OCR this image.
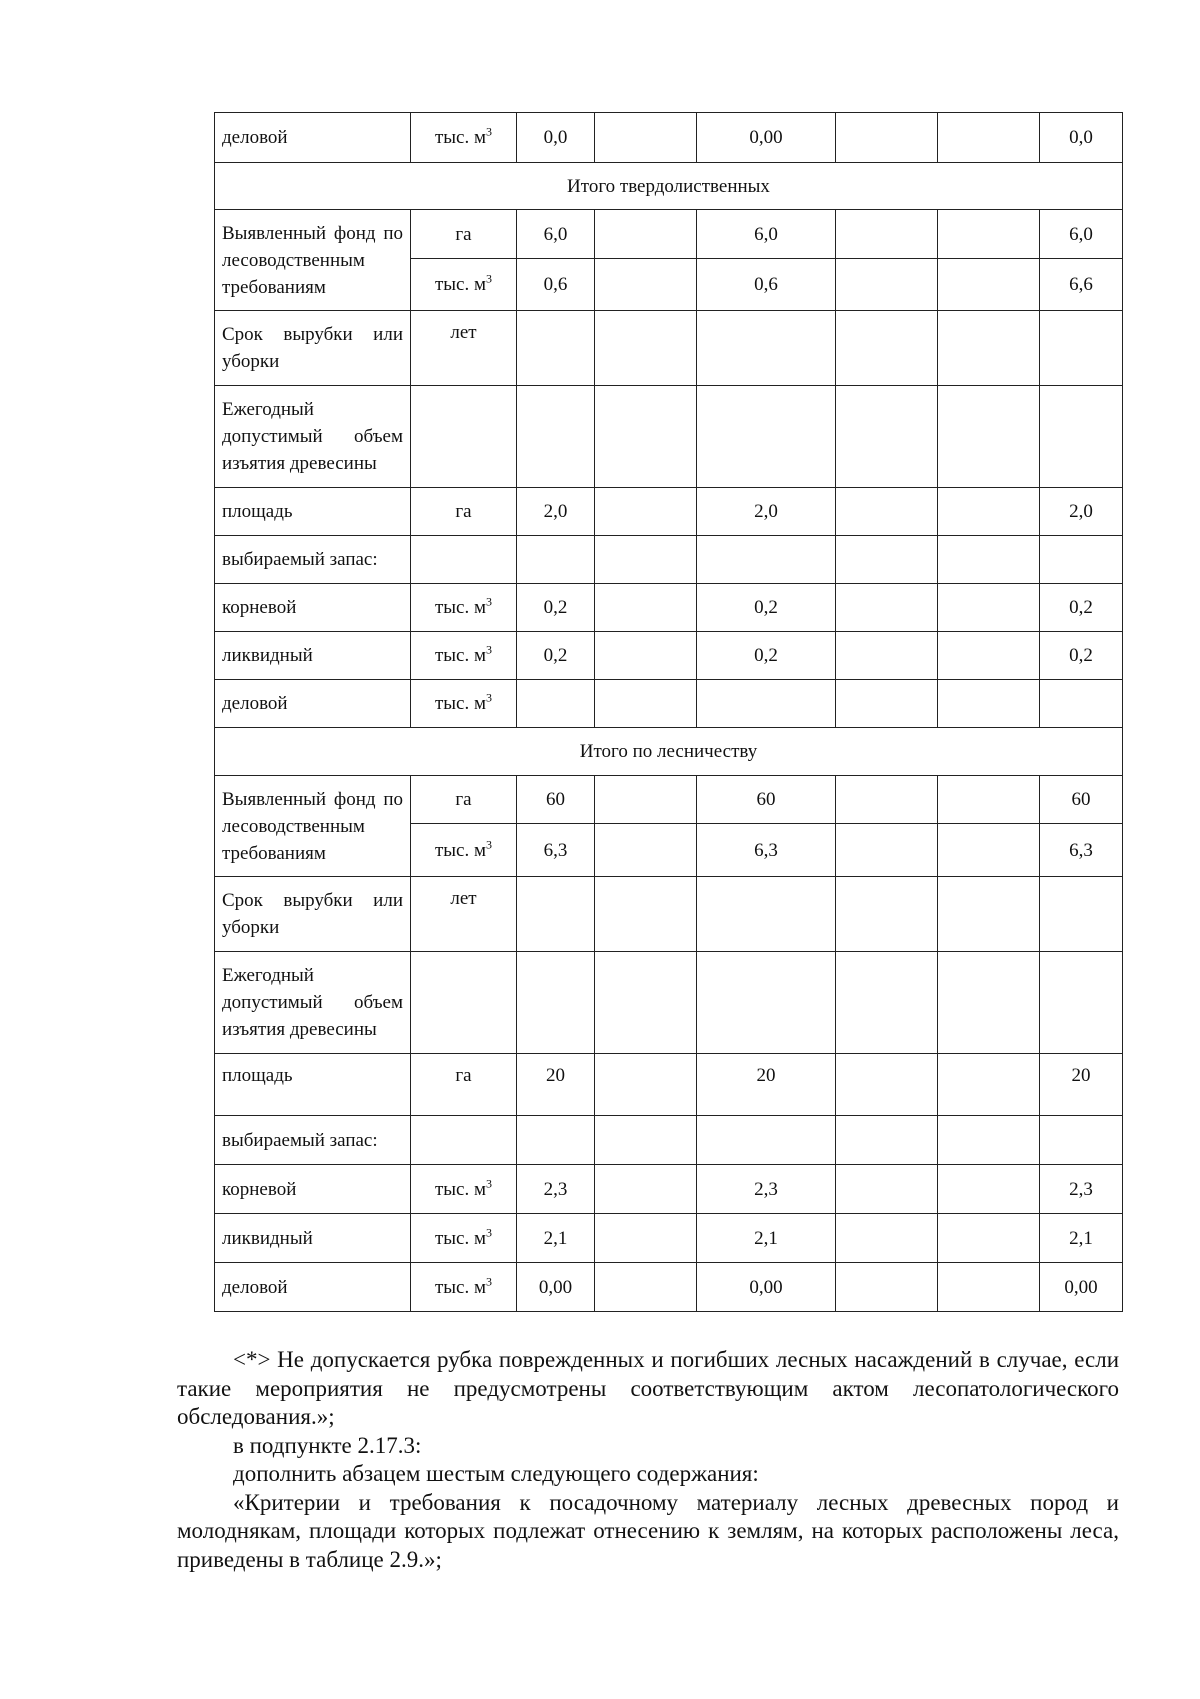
деловой	тыс. $м^3$	0,0		0,00			0,0
Итого твердолиственных							
Выявленный фонд по лесоводственным требованиям	га	6,0		6,0			6,0
	тыс. $м^3$	0,6		0,6			6,6
Срок вырубки или уборки	лет						
Ежегодный допустимый объем изъятия древесины							
площадь	га	2,0		2,0			2,0
выбираемый запас:							
корневой	тыс. $м^3$	0,2		0,2			0,2
ликвидный	тыс. $м^3$	0,2		0,2			0,2
деловой	тыс. $м^3$						
Итого по лесничеству							
Выявленный фонд по лесоводственным требованиям	га	60		60			60
	тыс. $м^3$	6,3		6,3			6,3
Срок вырубки или уборки	лет						
Ежегодный допустимый объем изъятия древесины							
площадь	га	20		20			20
выбираемый запас:							
корневой	тыс. $м^3$	2,3		2,3			2,3
ликвидный	тыс. $м^3$	2,1		2,1			2,1
деловой	тыс. $м^3$	0,00		0,00			0,00

<*> Не допускается рубка поврежденных и погибших лесных насаждений в случае, если такие мероприятия не предусмотрены соответствующим актом лесопатологического обследования.»;

в подпункте 2.17.3:

дополнить абзацем шестым следующего содержания:

«Критерии и требования к посадочному материалу лесных древесных пород и молоднякам, площади которых подлежат отнесению к землям, на которых расположены леса, приведены в таблице 2.9.»;
